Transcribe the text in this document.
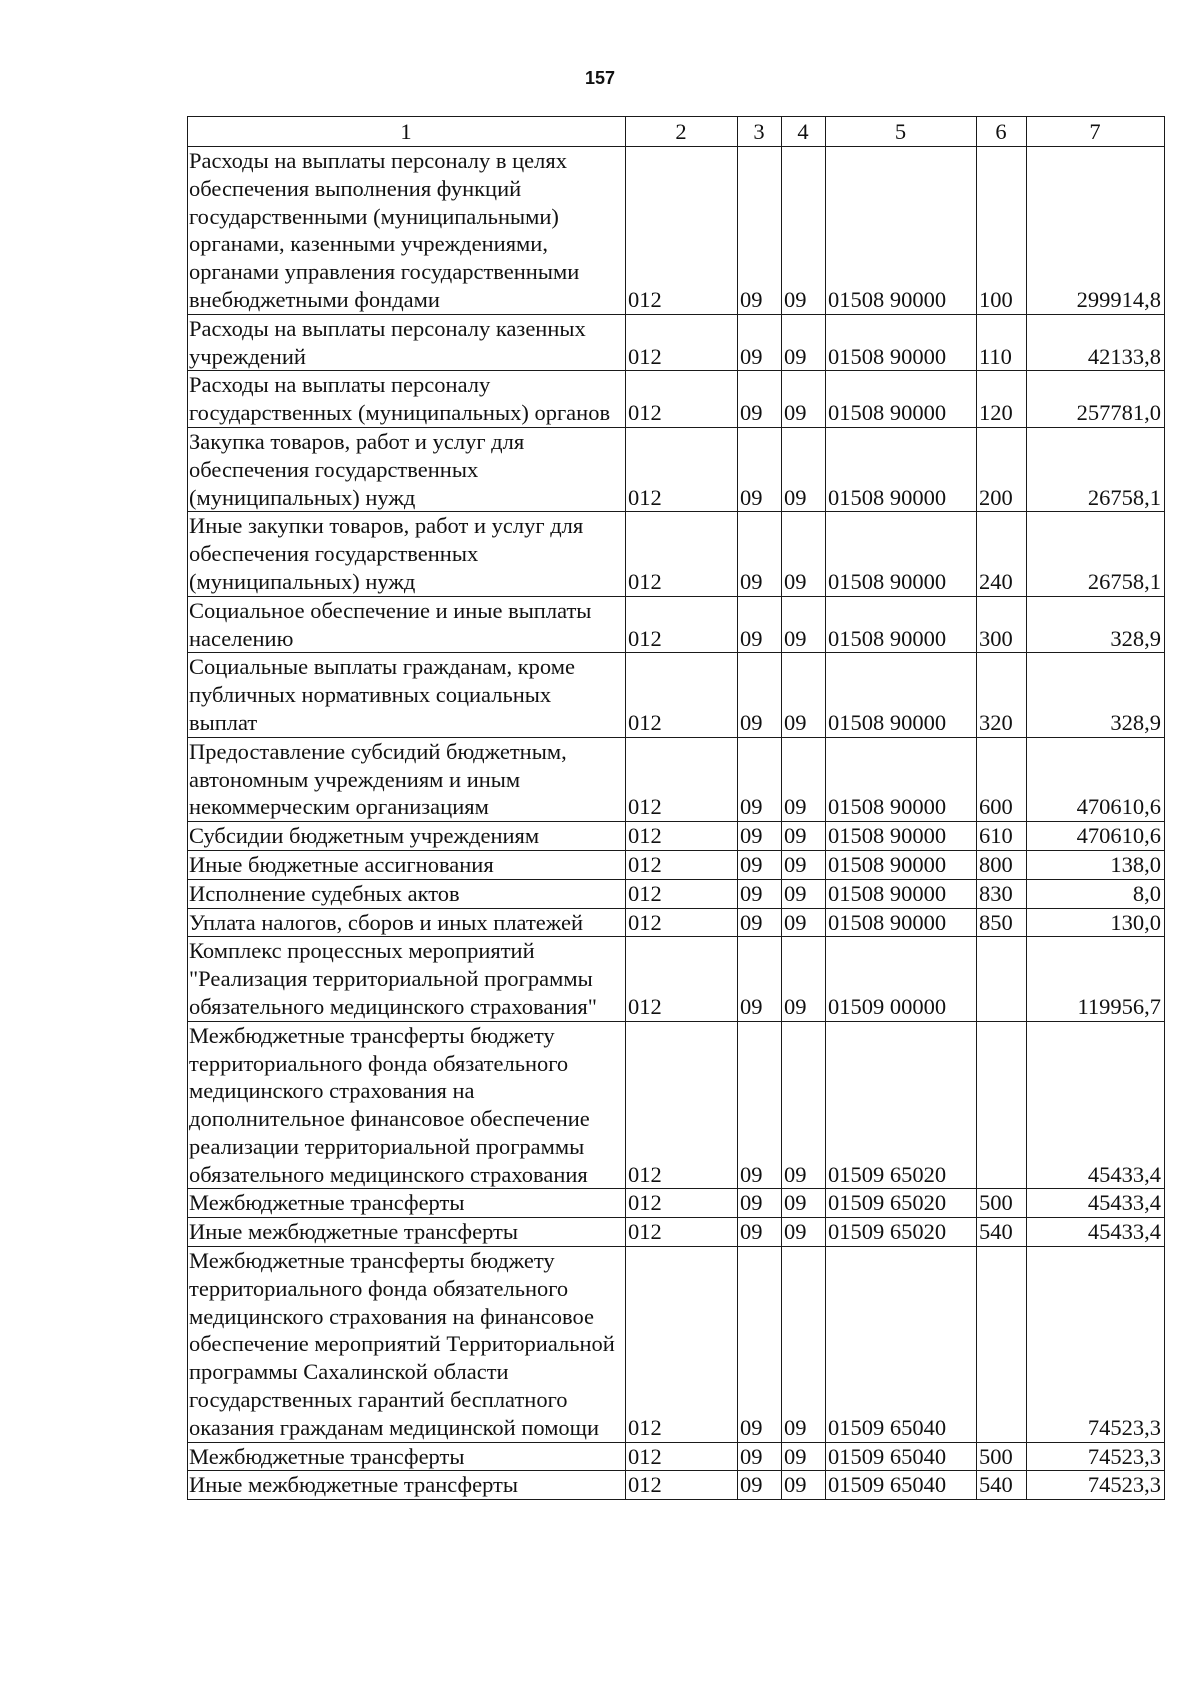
157
1	2	3	4	5	6	7
Расходы на выплаты персоналу в целях обеспечения выполнения функций государственными (муниципальными) органами, казенными учреждениями, органами управления государственными внебюджетными фондами	012	09	09	01508 90000	100	299914,8
Расходы на выплаты персоналу казенных учреждений	012	09	09	01508 90000	110	42133,8
Расходы на выплаты персоналу государственных (муниципальных) органов	012	09	09	01508 90000	120	257781,0
Закупка товаров, работ и услуг для обеспечения государственных (муниципальных) нужд	012	09	09	01508 90000	200	26758,1
Иные закупки товаров, работ и услуг для обеспечения государственных (муниципальных) нужд	012	09	09	01508 90000	240	26758,1
Социальное обеспечение и иные выплаты населению	012	09	09	01508 90000	300	328,9
Социальные выплаты гражданам, кроме публичных нормативных социальных выплат	012	09	09	01508 90000	320	328,9
Предоставление субсидий бюджетным, автономным учреждениям и иным некоммерческим организациям	012	09	09	01508 90000	600	470610,6
Субсидии бюджетным учреждениям	012	09	09	01508 90000	610	470610,6
Иные бюджетные ассигнования	012	09	09	01508 90000	800	138,0
Исполнение судебных актов	012	09	09	01508 90000	830	8,0
Уплата налогов, сборов и иных платежей	012	09	09	01508 90000	850	130,0
Комплекс процессных мероприятий "Реализация территориальной программы обязательного медицинского страхования"	012	09	09	01509 00000		119956,7
Межбюджетные трансферты бюджету территориального фонда обязательного медицинского страхования на дополнительное финансовое обеспечение реализации территориальной программы обязательного медицинского страхования	012	09	09	01509 65020		45433,4
Межбюджетные трансферты	012	09	09	01509 65020	500	45433,4
Иные межбюджетные трансферты	012	09	09	01509 65020	540	45433,4
Межбюджетные трансферты бюджету территориального фонда обязательного медицинского страхования на финансовое обеспечение мероприятий Территориальной программы Сахалинской области государственных гарантий бесплатного оказания гражданам медицинской помощи	012	09	09	01509 65040		74523,3
Межбюджетные трансферты	012	09	09	01509 65040	500	74523,3
Иные межбюджетные трансферты	012	09	09	01509 65040	540	74523,3
